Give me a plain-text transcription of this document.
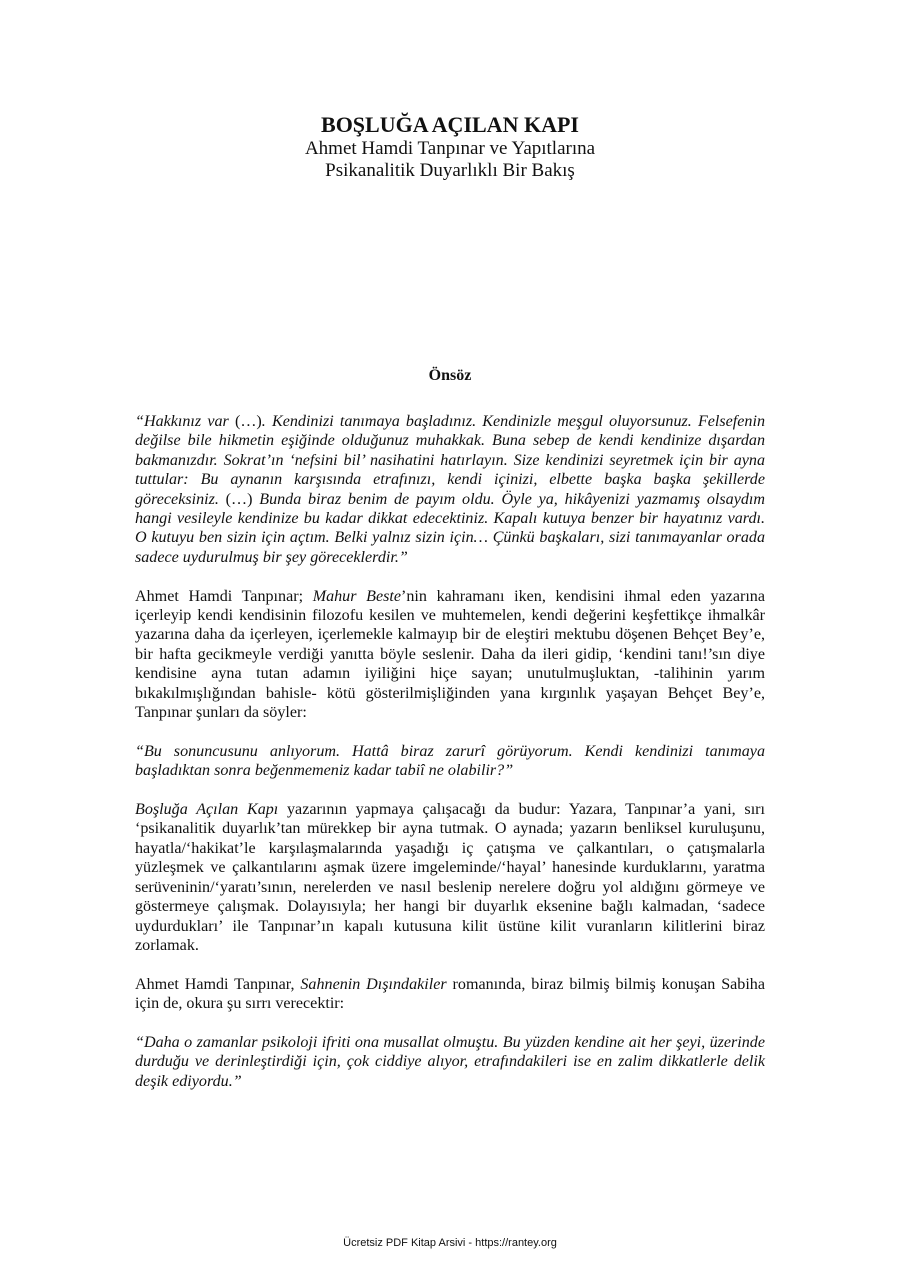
BOŞLUĞA AÇILAN KAPI

Ahmet Hamdi Tanpınar ve Yapıtlarına

Psikanalitik Duyarlıklı Bir Bakış

Önsöz

“Hakkınız var (…). Kendinizi tanımaya başladınız. Kendinizle meşgul oluyorsunuz. Felsefenin değilse bile hikmetin eşiğinde olduğunuz muhakkak. Buna sebep de kendi kendinize dışardan bakmanızdır. Sokrat’ın ‘nefsini bil’ nasihatini hatırlayın. Size kendinizi seyretmek için bir ayna tuttular: Bu aynanın karşısında etrafınızı, kendi içinizi, elbette başka başka şekillerde göreceksiniz. (…) Bunda biraz benim de payım oldu. Öyle ya, hikâyenizi yazmamış olsaydım hangi vesileyle kendinize bu kadar dikkat edecektiniz. Kapalı kutuya benzer bir hayatınız vardı. O kutuyu ben sizin için açtım. Belki yalnız sizin için… Çünkü başkaları, sizi tanımayanlar orada sadece uydurulmuş bir şey göreceklerdir.”

Ahmet Hamdi Tanpınar; Mahur Beste’nin kahramanı iken, kendisini ihmal eden yazarına içerleyip kendi kendisinin filozofu kesilen ve muhtemelen, kendi değerini keşfettikçe ihmalkâr yazarına daha da içerleyen, içerlemekle kalmayıp bir de eleştiri mektubu döşenen Behçet Bey’e, bir hafta gecikmeyle verdiği yanıtta böyle seslenir. Daha da ileri gidip, ‘kendini tanı!’sın diye kendisine ayna tutan adamın iyiliğini hiçe sayan; unutulmuşluktan, -talihinin yarım bıkakılmışlığından bahisle- kötü gösterilmişliğinden yana kırgınlık yaşayan Behçet Bey’e, Tanpınar şunları da söyler:

“Bu sonuncusunu anlıyorum. Hattâ biraz zarurî görüyorum. Kendi kendinizi tanımaya başladıktan sonra beğenmemeniz kadar tabiî ne olabilir?”

Boşluğa Açılan Kapı yazarının yapmaya çalışacağı da budur: Yazara, Tanpınar’a yani, sırı ‘psikanalitik duyarlık’tan mürekkep bir ayna tutmak. O aynada; yazarın benliksel kuruluşunu, hayatla/‘hakikat’le karşılaşmalarında yaşadığı iç çatışma ve çalkantıları, o çatışmalarla yüzleşmek ve çalkantılarını aşmak üzere imgeleminde/‘hayal’ hanesinde kurduklarını, yaratma serüveninin/‘yaratı’sının, nerelerden ve nasıl beslenip nerelere doğru yol aldığını görmeye ve göstermeye çalışmak. Dolayısıyla; her hangi bir duyarlık eksenine bağlı kalmadan, ‘sadece uydurdukları’ ile Tanpınar’ın kapalı kutusuna kilit üstüne kilit vuranların kilitlerini biraz zorlamak.

Ahmet Hamdi Tanpınar, Sahnenin Dışındakiler romanında, biraz bilmiş bilmiş konuşan Sabiha için de, okura şu sırrı verecektir:

“Daha o zamanlar psikoloji ifriti ona musallat olmuştu. Bu yüzden kendine ait her şeyi, üzerinde durduğu ve derinleştirdiği için, çok ciddiye alıyor, etrafındakileri ise en zalim dikkatlerle delik deşik ediyordu.”

Ücretsiz PDF Kitap Arsivi - https://rantey.org
